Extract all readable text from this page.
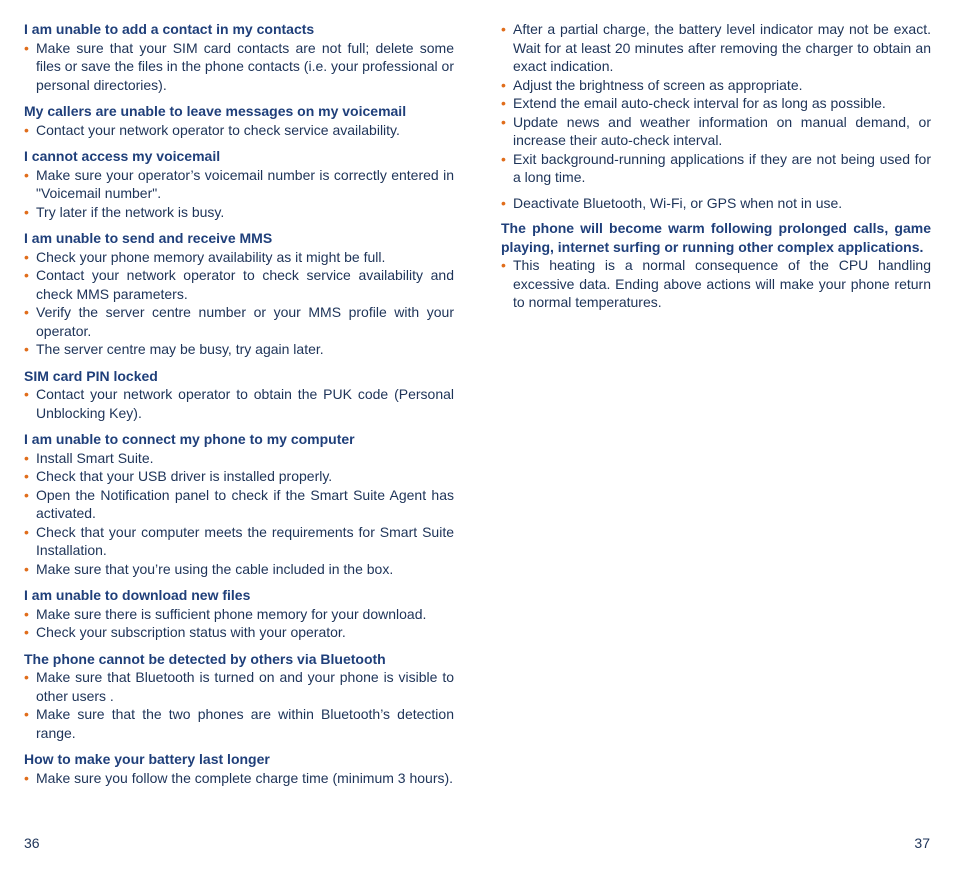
I am unable to add a contact in my contacts

• Make sure that your SIM card contacts are not full; delete some files or save the files in the phone contacts (i.e. your professional or personal directories).

My callers are unable to leave messages on my voicemail

• Contact your network operator to check service availability.

I cannot access my voicemail

• Make sure your operator’s voicemail number is correctly entered in "Voicemail number".
• Try later if the network is busy.

I am unable to send and receive MMS

• Check your phone memory availability as it might be full.
• Contact your network operator to check service availability and check MMS parameters.
• Verify the server centre number or your MMS profile with your operator.
• The server centre may be busy, try again later.

SIM card PIN locked

• Contact your network operator to obtain the PUK code (Personal Unblocking Key).

I am unable to connect my phone to my computer

• Install Smart Suite.
• Check that your USB driver is installed properly.
• Open the Notification panel to check if the Smart Suite Agent has activated.
• Check that your computer meets the requirements for Smart Suite Installation.
• Make sure that you’re using the cable included in the box.

I am unable to download new files

• Make sure there is sufficient phone memory for your download.
• Check your subscription status with your operator.

The phone cannot be detected by others via Bluetooth

• Make sure that Bluetooth is turned on and your phone is visible to other users .
• Make sure that the two phones are within Bluetooth’s detection range.

How to make your battery last longer

• Make sure you follow the complete charge time (minimum 3 hours).
• After a partial charge, the battery level indicator may not be exact. Wait for at least 20 minutes after removing the charger to obtain an exact indication.
• Adjust the brightness of screen as appropriate.
• Extend the email auto-check interval for as long as possible.
• Update news and weather information on manual demand, or increase their auto-check interval.
• Exit background-running applications if they are not being used for a long time.
• Deactivate Bluetooth, Wi-Fi, or GPS when not in use.

The phone will become warm following prolonged calls, game playing, internet surfing or running other complex applications.

• This heating is a normal consequence of the CPU handling excessive data. Ending above actions will make your phone return to normal temperatures.
36	37
